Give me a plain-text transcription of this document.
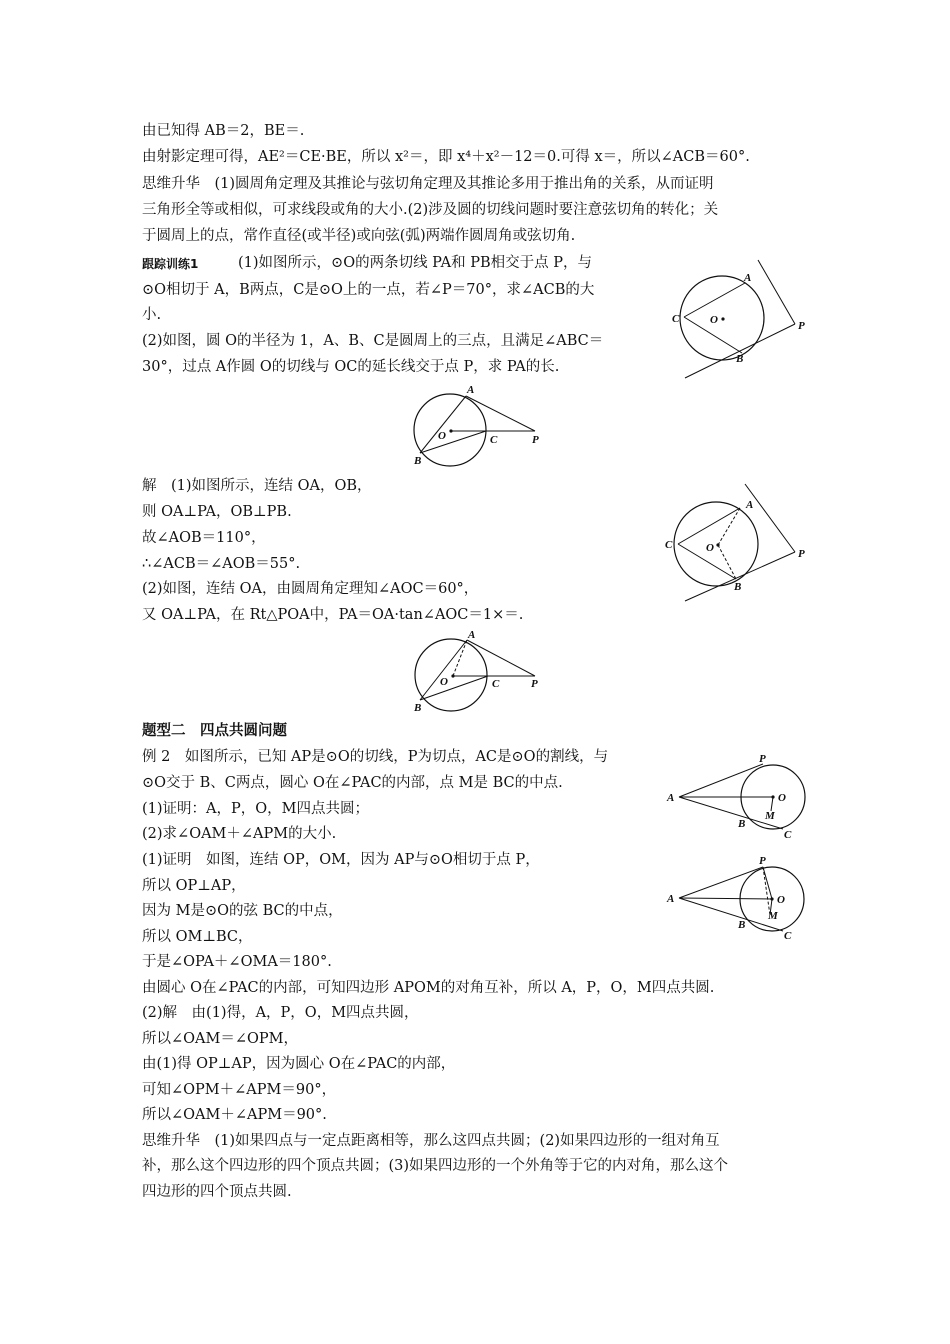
由已知得 AB＝2，BE＝.
由射影定理可得，AE²＝CE·BE，所以 x²＝，即 x⁴＋x²－12＝0.可得 x＝，所以∠ACB＝60°.
思维升华　(1)圆周角定理及其推论与弦切角定理及其推论多用于推出角的关系，从而证明
三角形全等或相似，可求线段或角的大小.(2)涉及圆的切线问题时要注意弦切角的转化；关
于圆周上的点，常作直径(或半径)或向弦(弧)两端作圆周角或弦切角.
跟踪训练1	(1)如图所示，⊙O的两条切线 PA和 PB相交于点 P，与
⊙O相切于 A，B两点，C是⊙O上的一点，若∠P＝70°，求∠ACB的大
小.
(2)如图，圆 O的半径为 1，A、B、C是圆周上的三点，且满足∠ABC＝
30°，过点 A作圆 O的切线与 OC的延长线交于点 P，求 PA的长.
解　(1)如图所示，连结 OA，OB，
则 OA⊥PA，OB⊥PB.
故∠AOB＝110°，
∴∠ACB＝∠AOB＝55°.
(2)如图，连结 OA，由圆周角定理知∠AOC＝60°，
又 OA⊥PA，在 Rt△POA中，PA＝OA·tan∠AOC＝1×＝.
题型二　四点共圆问题
例 2　如图所示，已知 AP是⊙O的切线，P为切点，AC是⊙O的割线，与
⊙O交于 B、C两点，圆心 O在∠PAC的内部，点 M是 BC的中点.
(1)证明：A，P，O，M四点共圆；
(2)求∠OAM＋∠APM的大小.
(1)证明　如图，连结 OP，OM，因为 AP与⊙O相切于点 P，
所以 OP⊥AP，
因为 M是⊙O的弦 BC的中点，
所以 OM⊥BC，
于是∠OPA＋∠OMA＝180°.
由圆心 O在∠PAC的内部，可知四边形 APOM的对角互补，所以 A，P，O，M四点共圆.
(2)解　由(1)得，A，P，O，M四点共圆，
所以∠OAM＝∠OPM，
由(1)得 OP⊥AP，因为圆心 O在∠PAC的内部，
可知∠OPM＋∠APM＝90°，
所以∠OAM＋∠APM＝90°.
思维升华　(1)如果四点与一定点距离相等，那么这四点共圆；(2)如果四边形的一组对角互
补，那么这个四边形的四个顶点共圆；(3)如果四边形的一个外角等于它的内对角，那么这个
四边形的四个顶点共圆.
A
B
C	O	P
A
B
C
O	P
A
B
C	O	P
A
B
C
O	P
P
A	O
M
B
C
P
A	O
M
B
C
